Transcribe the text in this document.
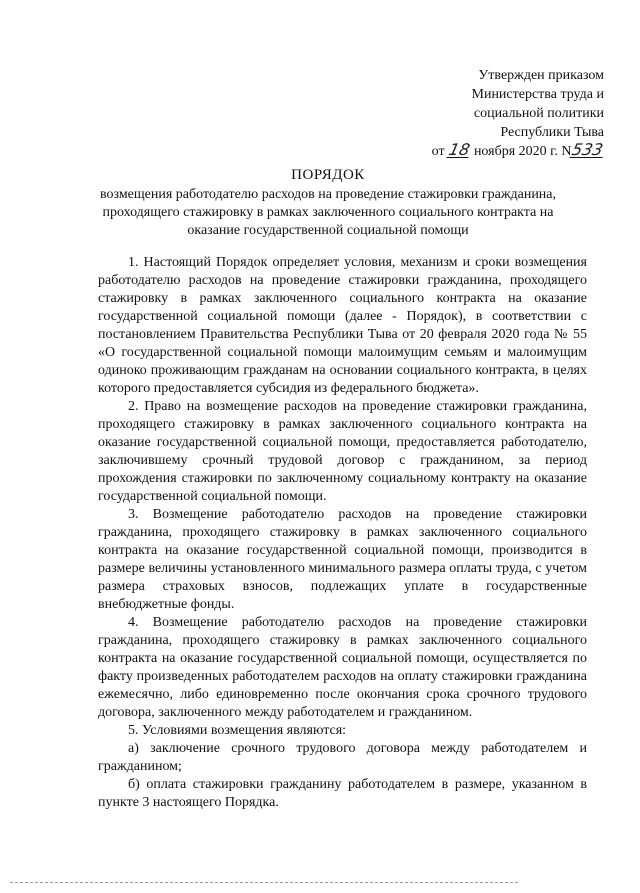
Утвержден приказом
Министерства труда и
социальной политики
Республики Тыва
от 18 ноября 2020 г. N533
ПОРЯДОК
возмещения работодателю расходов на проведение стажировки гражданина,
проходящего стажировку в рамках заключенного социального контракта на
оказание государственной социальной помощи

1. Настоящий Порядок определяет условия, механизм и сроки возмещения работодателю расходов на проведение стажировки гражданина, проходящего стажировку в рамках заключенного социального контракта на оказание государственной социальной помощи (далее - Порядок), в соответствии с постановлением Правительства Республики Тыва от 20 февраля 2020 года № 55 «О государственной социальной помощи малоимущим семьям и малоимущим одиноко проживающим гражданам на основании социального контракта, в целях которого предоставляется субсидия из федерального бюджета».

2. Право на возмещение расходов на проведение стажировки гражданина, проходящего стажировку в рамках заключенного социального контракта на оказание государственной социальной помощи, предоставляется работодателю, заключившему срочный трудовой договор с гражданином, за период прохождения стажировки по заключенному социальному контракту на оказание государственной социальной помощи.

3. Возмещение работодателю расходов на проведение стажировки гражданина, проходящего стажировку в рамках заключенного социального контракта на оказание государственной социальной помощи, производится в размере величины установленного минимального размера оплаты труда, с учетом размера страховых взносов, подлежащих уплате в государственные внебюджетные фонды.

4. Возмещение работодателю расходов на проведение стажировки гражданина, проходящего стажировку в рамках заключенного социального контракта на оказание государственной социальной помощи, осуществляется по факту произведенных работодателем расходов на оплату стажировки гражданина ежемесячно, либо единовременно после окончания срока срочного трудового договора, заключенного между работодателем и гражданином.

5. Условиями возмещения являются:

а) заключение срочного трудового договора между работодателем и гражданином;

б) оплата стажировки гражданину работодателем в размере, указанном в пункте 3 настоящего Порядка.
